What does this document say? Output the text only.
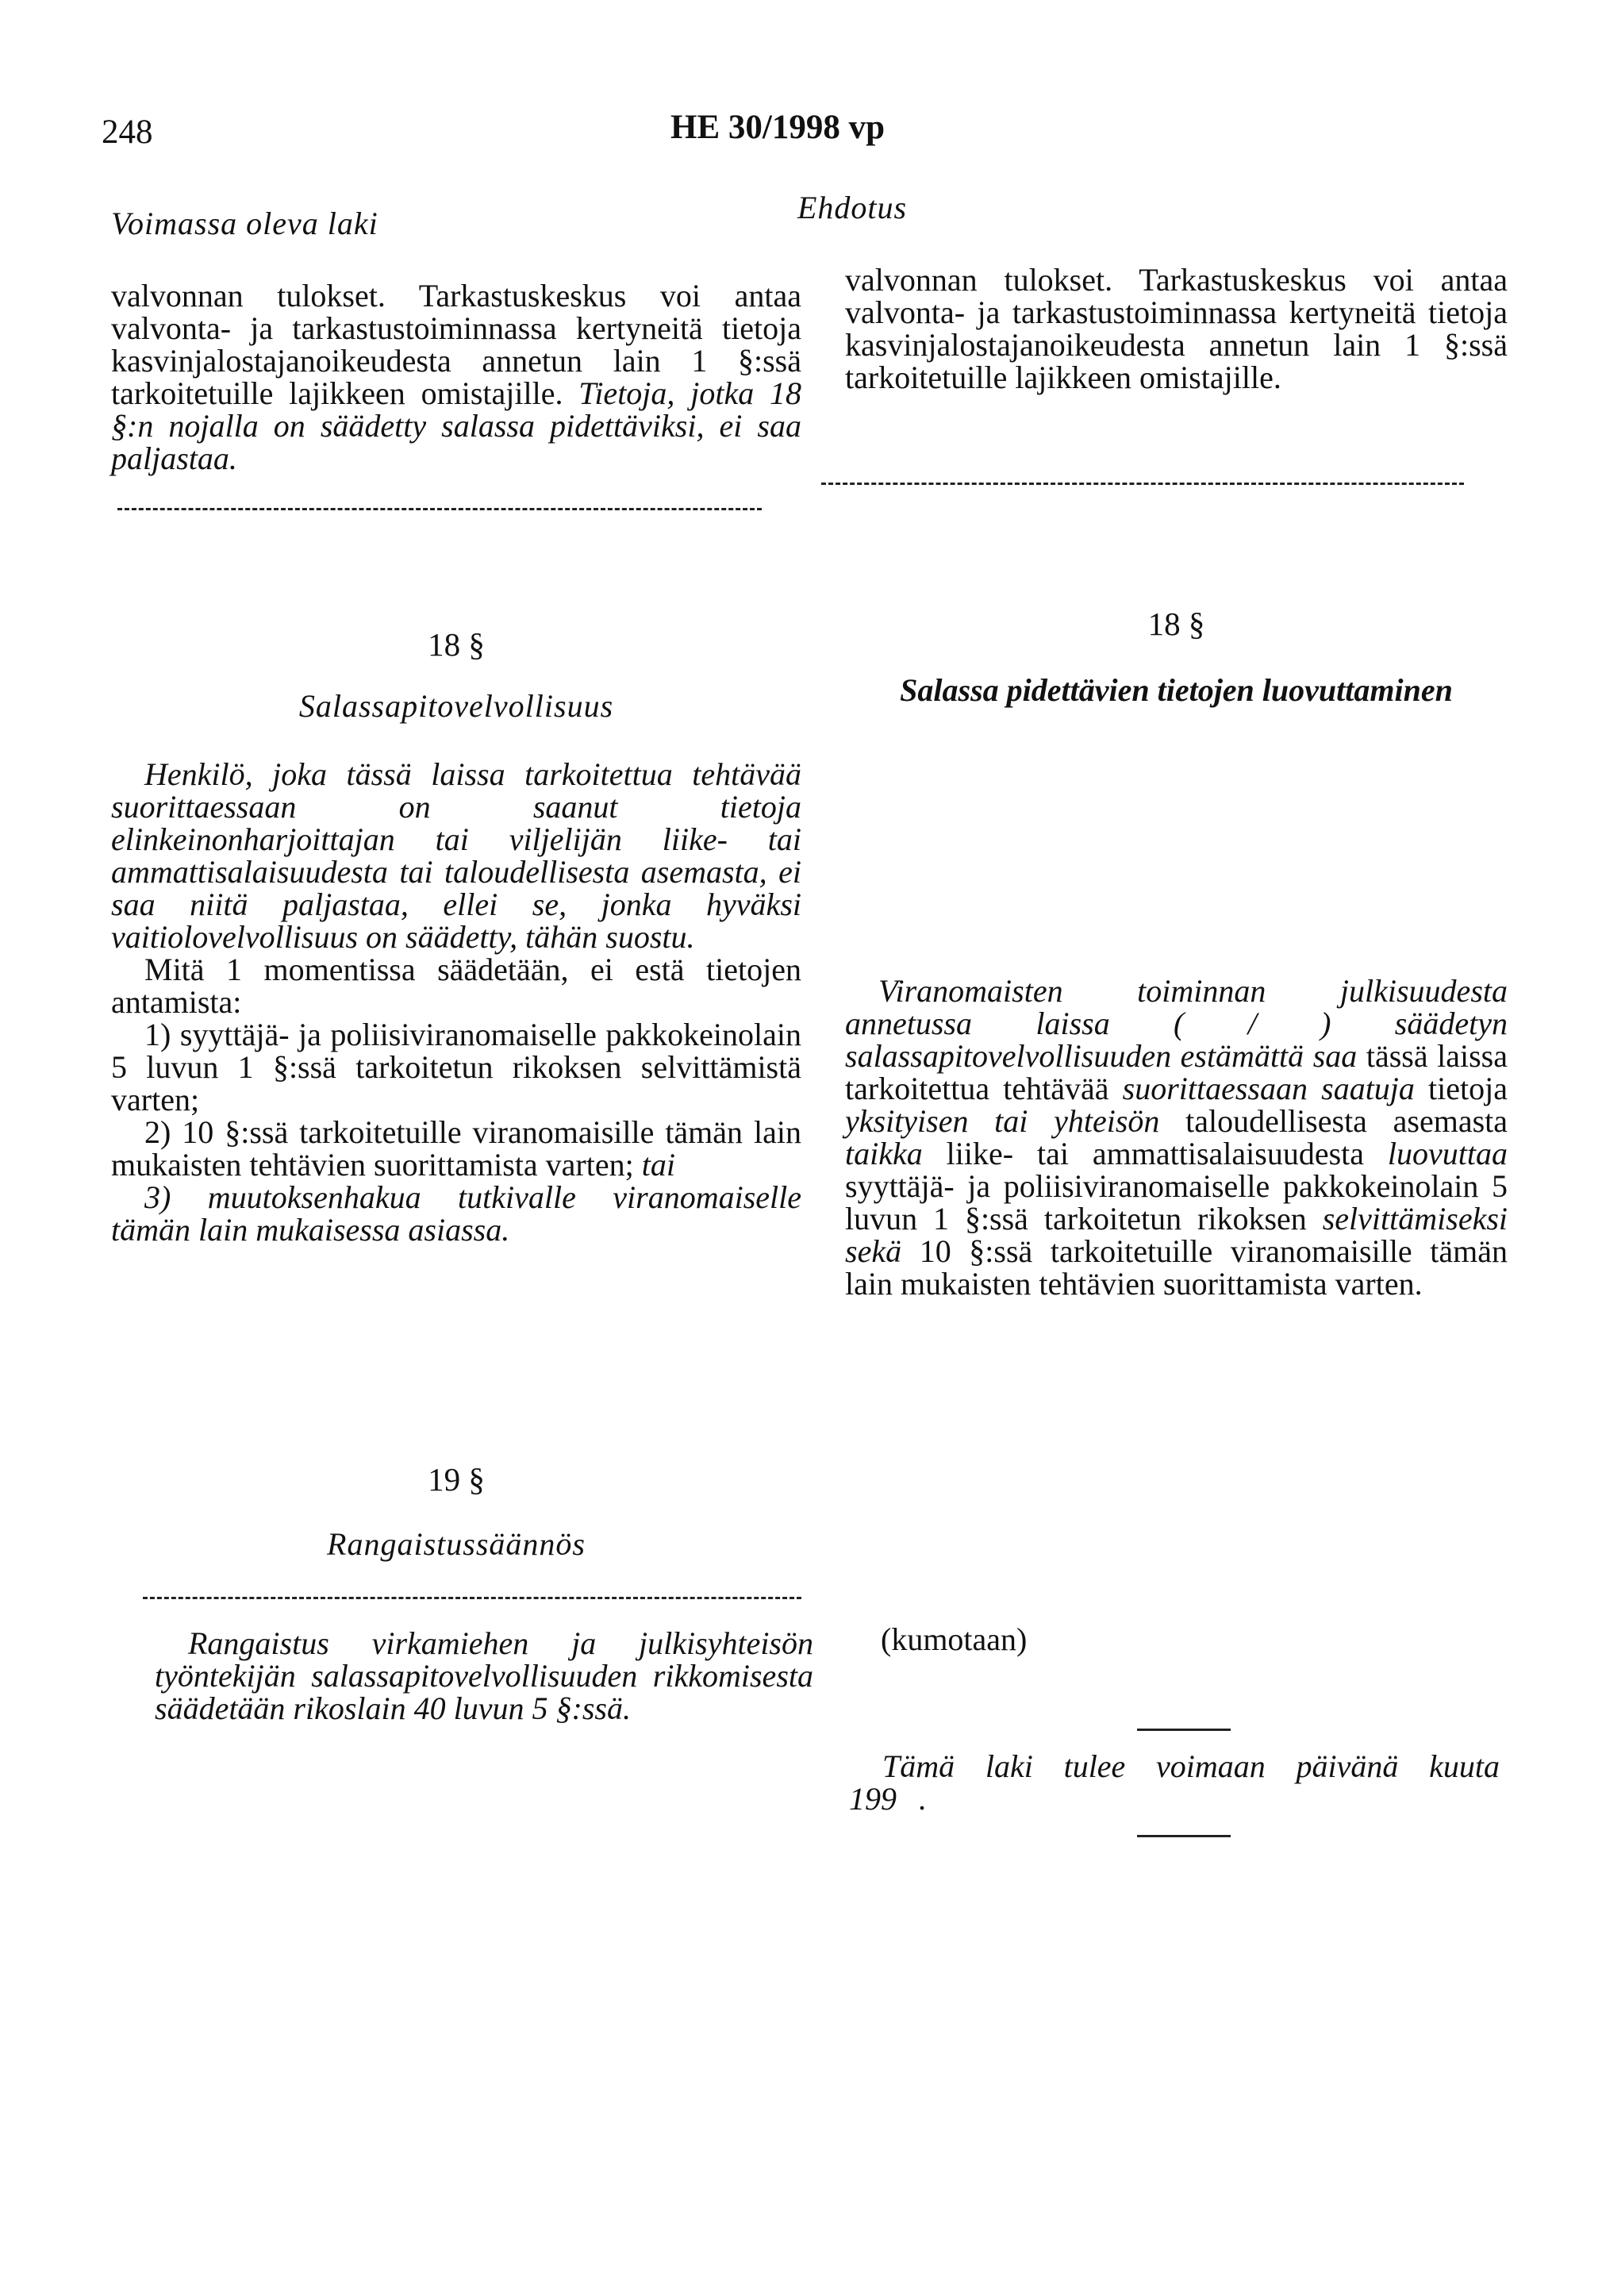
248	HE 30/1998 vp
Voimassa oleva laki	Ehdotus

valvonnan tulokset. Tarkastuskeskus voi antaa valvonta- ja tarkastustoiminnassa kertyneitä tietoja kasvinjalostajanoikeudesta annetun lain 1 §:ssä tarkoitetuille lajikkeen omistajille. Tietoja, jotka 18 §:n nojalla on säädetty salassa pidettäviksi, ei saa paljastaa.

valvonnan tulokset. Tarkastuskeskus voi antaa valvonta- ja tarkastustoiminnassa kertyneitä tietoja kasvinjalostajanoikeudesta annetun lain 1 §:ssä tarkoitetuille lajikkeen omistajille.

18 §
Salassapitovelvollisuus

Henkilö, joka tässä laissa tarkoitettua tehtävää suorittaessaan on saanut tietoja elinkeinonharjoittajan tai viljelijän liike- tai ammattisalaisuudesta tai taloudellisesta asemasta, ei saa niitä paljastaa, ellei se, jonka hyväksi vaitiolovelvollisuus on säädetty, tähän suostu.

Mitä 1 momentissa säädetään, ei estä tietojen antamista:

1) syyttäjä- ja poliisiviranomaiselle pakkokeinolain 5 luvun 1 §:ssä tarkoitetun rikoksen selvittämistä varten;

2) 10 §:ssä tarkoitetuille viranomaisille tämän lain mukaisten tehtävien suorittamista varten; tai

3) muutoksenhakua tutkivalle viranomaiselle tämän lain mukaisessa asiassa.

18 §
Salassa pidettävien tietojen luovuttaminen

Viranomaisten toiminnan julkisuudesta annetussa laissa ( / ) säädetyn salassapitovelvollisuuden estämättä saa tässä laissa tarkoitettua tehtävää suorittaessaan saatuja tietoja yksityisen tai yhteisön taloudellisesta asemasta taikka liike- tai ammattisalaisuudesta luovuttaa syyttäjä- ja poliisiviranomaiselle pakkokeinolain 5 luvun 1 §:ssä tarkoitetun rikoksen selvittämiseksi sekä 10 §:ssä tarkoitetuille viranomaisille tämän lain mukaisten tehtävien suorittamista varten.

19 §
Rangaistussäännös

Rangaistus virkamiehen ja julkisyhteisön työntekijän salassapitovelvollisuuden rikkomisesta säädetään rikoslain 40 luvun 5 §:ssä.

(kumotaan)

Tämä laki tulee voimaan päivänä kuuta 199 .
